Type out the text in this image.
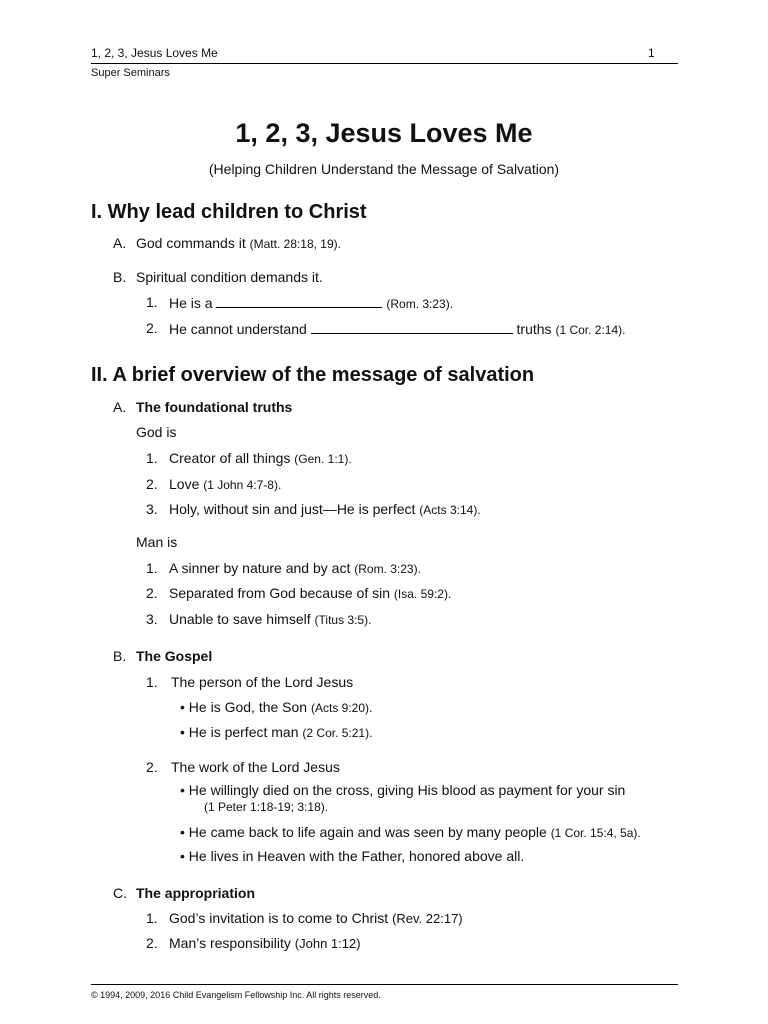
1, 2, 3, Jesus Loves Me	1
Super Seminars
1, 2, 3, Jesus Loves Me
(Helping Children Understand the Message of Salvation)
I. Why lead children to Christ
A. God commands it (Matt. 28:18, 19).
B. Spiritual condition demands it.
1. He is a	(Rom. 3:23).
2. He cannot understand	truths (1 Cor. 2:14).
II. A brief overview of the message of salvation
A. The foundational truths
God is
1. Creator of all things (Gen. 1:1).
2. Love (1 John 4:7-8).
3. Holy, without sin and just—He is perfect (Acts 3:14).
Man is
1. A sinner by nature and by act (Rom. 3:23).
2. Separated from God because of sin (Isa. 59:2).
3. Unable to save himself (Titus 3:5).
B. The Gospel
1. The person of the Lord Jesus
• He is God, the Son (Acts 9:20).
• He is perfect man (2 Cor. 5:21).
2. The work of the Lord Jesus
• He willingly died on the cross, giving His blood as payment for your sin
(1 Peter 1:18-19; 3:18).
• He came back to life again and was seen by many people (1 Cor. 15:4, 5a).
• He lives in Heaven with the Father, honored above all.
C. The appropriation
1. God’s invitation is to come to Christ (Rev. 22:17)
2. Man’s responsibility (John 1:12)
© 1994, 2009, 2016 Child Evangelism Fellowship Inc. All rights reserved.
